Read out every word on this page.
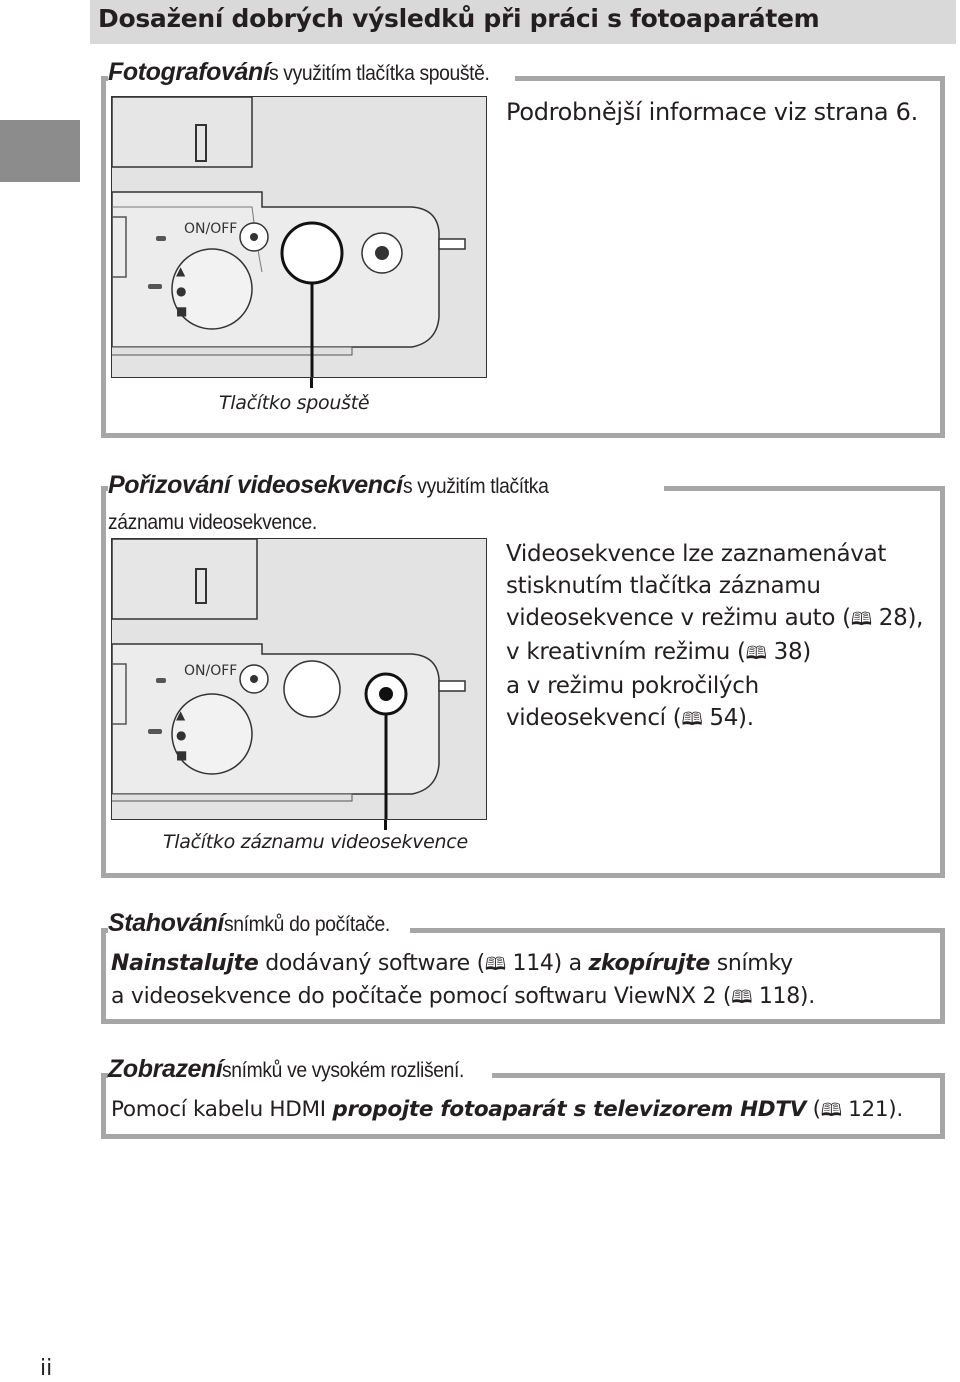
Dosažení dobrých výsledků při práci s fotoaparátem
Fotografovánís využitím tlačítka spouště.
Podrobnější informace viz strana 6.
ON/OFF
▲
●
■
Tlačítko spouště
Pořizování videosekvencís využitím tlačítka
záznamu videosekvence.
ON/OFF
▲
●
■
Tlačítko záznamu videosekvence
Videosekvence lze zaznamenávat
stisknutím tlačítka záznamu
videosekvence v režimu auto (🕮 28),
v kreativním režimu (🕮 38)
a v režimu pokročilých
videosekvencí (🕮 54).
Stahovánísnímků do počítače.
Nainstalujte dodávaný software (🕮 114) a zkopírujte snímky
a videosekvence do počítače pomocí softwaru ViewNX 2 (🕮 118).
Zobrazenísnímků ve vysokém rozlišení.
Pomocí kabelu HDMI propojte fotoaparát s televizorem HDTV (🕮 121).
ii
